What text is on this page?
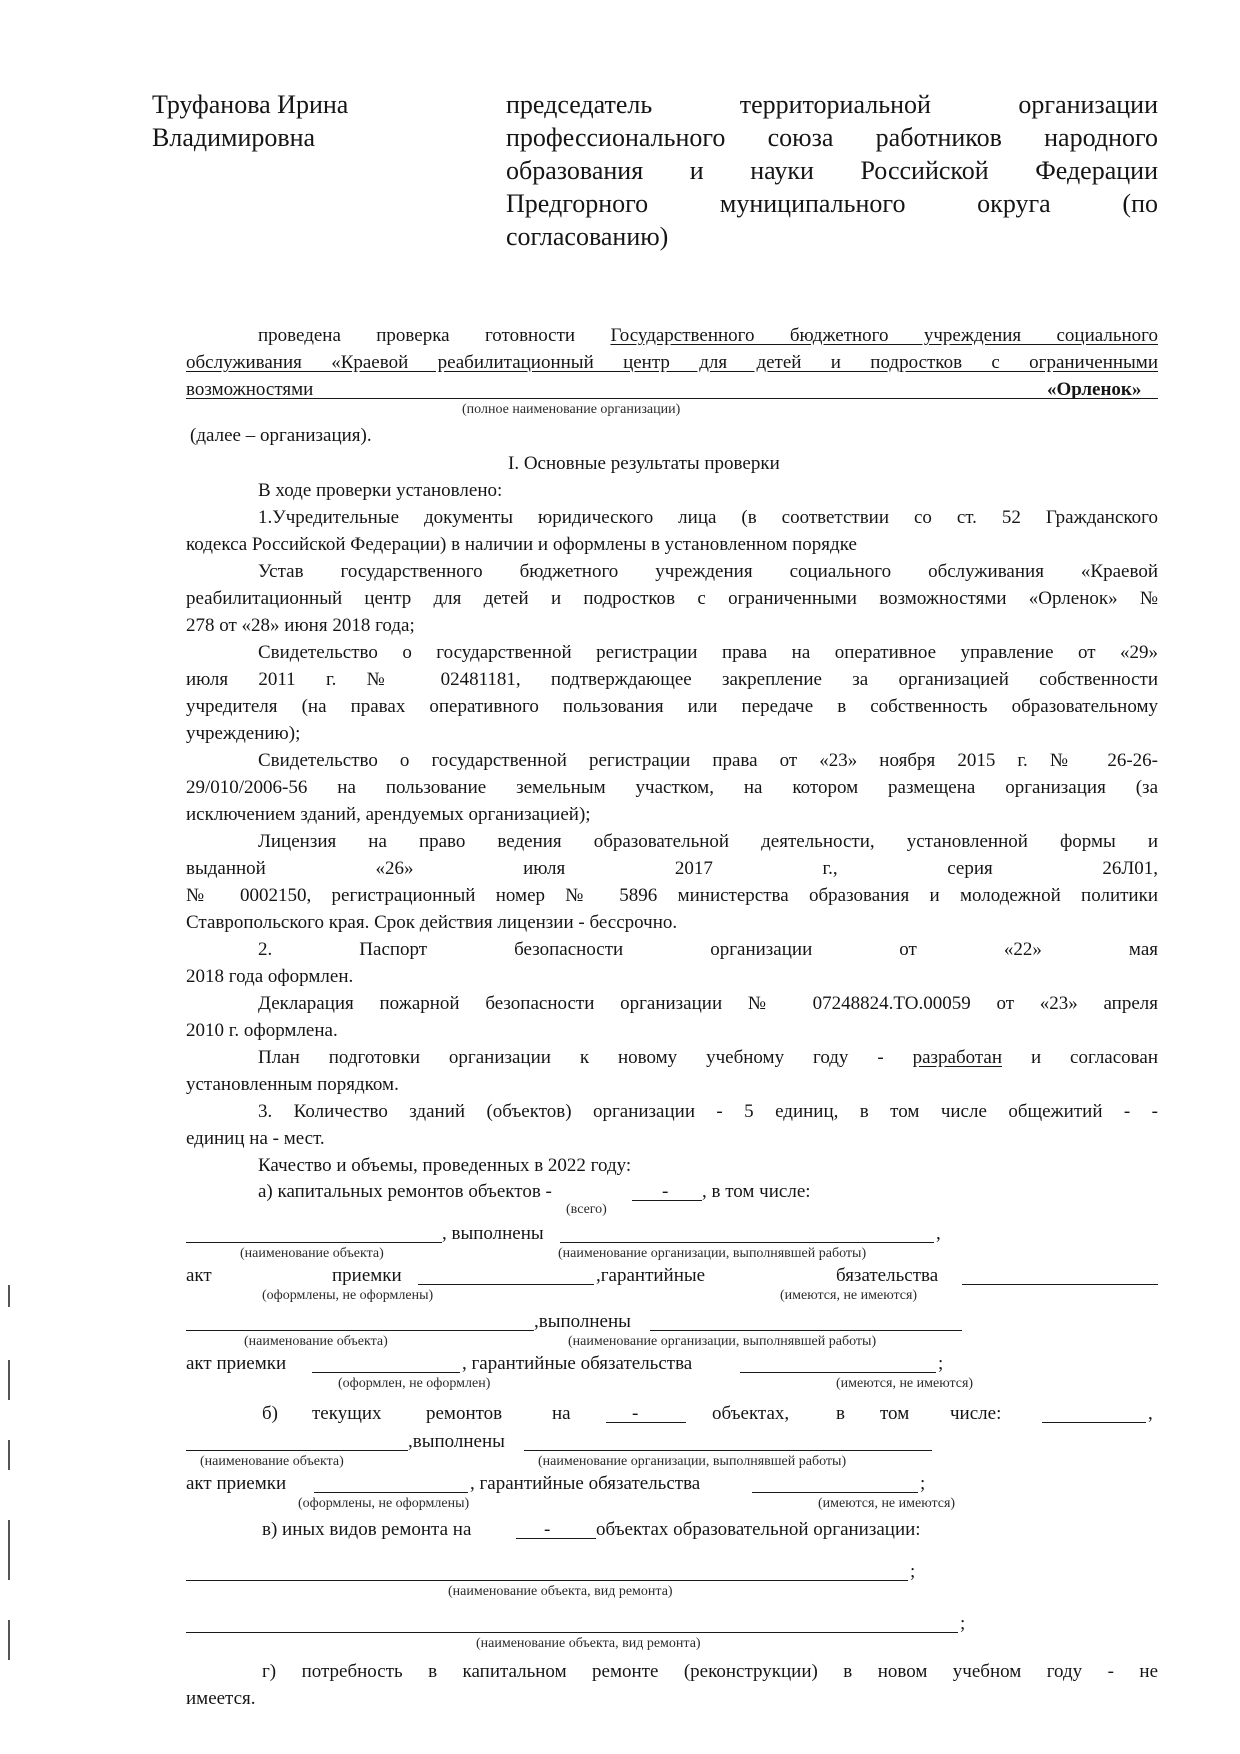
Труфанова Ирина
Владимировна
председатель территориальной организации
профессионального союза работников народного
образования и науки Российской Федерации
Предгорного муниципального округа (по
согласованию)
проведена проверка готовности Государственного бюджетного учреждения социального
обслуживания «Краевой реабилитационный центр для детей и подростков с ограниченными
возможностями	«Орленок»
(полное наименование организации)
(далее – организация).
I. Основные результаты проверки
В ходе проверки установлено:
1.Учредительные документы юридического лица (в соответствии со ст. 52 Гражданского
кодекса Российской Федерации) в наличии и оформлены в установленном порядке
Устав государственного бюджетного учреждения социального обслуживания «Краевой
реабилитационный центр для детей и подростков с ограниченными возможностями «Орленок» №
278 от «28» июня 2018 года;
Свидетельство о государственной регистрации права на оперативное управление от «29»
июля 2011 г. № 02481181, подтверждающее закрепление за организацией собственности
учредителя (на правах оперативного пользования или передаче в собственность образовательному
учреждению);
Свидетельство о государственной регистрации права от «23» ноября 2015 г. № 26-26-
29/010/2006-56 на пользование земельным участком, на котором размещена организация (за
исключением зданий, арендуемых организацией);
Лицензия на право ведения образовательной деятельности, установленной формы и
выданной «26» июля 2017 г., серия 26Л01,
№ 0002150, регистрационный номер № 5896 министерства образования и молодежной политики
Ставропольского края. Срок действия лицензии - бессрочно.
2. Паспорт безопасности организации от «22» мая
2018 года оформлен.
Декларация пожарной безопасности организации № 07248824.ТО.00059 от «23» апреля
2010 г. оформлена.
План подготовки организации к новому учебному году - разработан и согласован
установленным порядком.
3. Количество зданий (объектов) организации - 5 единиц, в том числе общежитий - -
единиц на - мест.
Качество и объемы, проведенных в 2022 году:
а) капитальных ремонтов объектов -	- , в том числе:
(всего)
, выполнены	,
(наименование объекта)	(наименование организации, выполнявшей работы)
акт	приемки	,гарантийные	бязательства
(оформлены, не оформлены)	(имеются, не имеются)
,выполнены
(наименование объекта)	(наименование организации, выполнявшей работы)
акт приемки	, гарантийные обязательства	;
(оформлен, не оформлен)	(имеются, не имеются)
б) текущих ремонтов	на	-	объектах, в том числе:	,
,выполнены
(наименование объекта)	(наименование организации, выполнявшей работы)
акт приемки	, гарантийные обязательства	;
(оформлены, не оформлены)	(имеются, не имеются)
в) иных видов ремонта на	- объектах образовательной организации:
;
(наименование объекта, вид ремонта)
;
(наименование объекта, вид ремонта)
г) потребность в капитальном ремонте (реконструкции) в новом учебном году - не
имеется.
